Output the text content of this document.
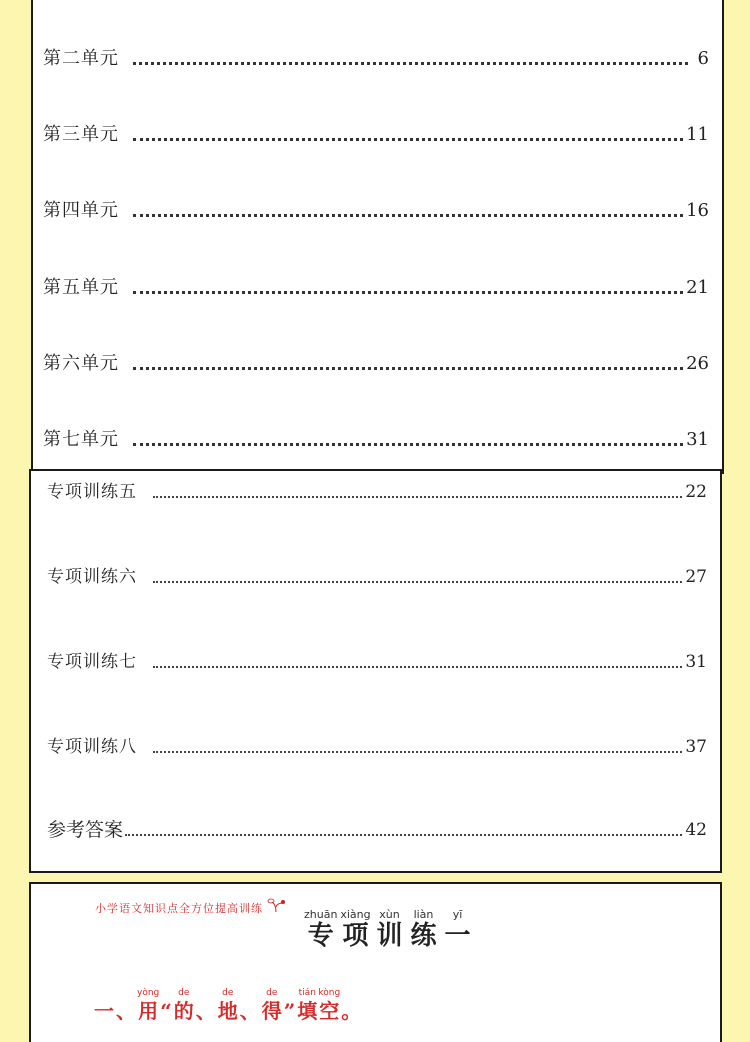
第二单元	6
第三单元	11
第四单元	16
第五单元	21
第六单元	26
第七单元	31
专项训练五	22
专项训练六	27
专项训练七	31
专项训练八	37
参考答案	42
小学语文知识点全方位提高训练	zhuān
专
xiàng
项
xùn
训
liàn
练
yī
一
一 、
yòng
用 “
de
的 、
de
地 、
de
得 ”
tián
填
kòng
空 。
